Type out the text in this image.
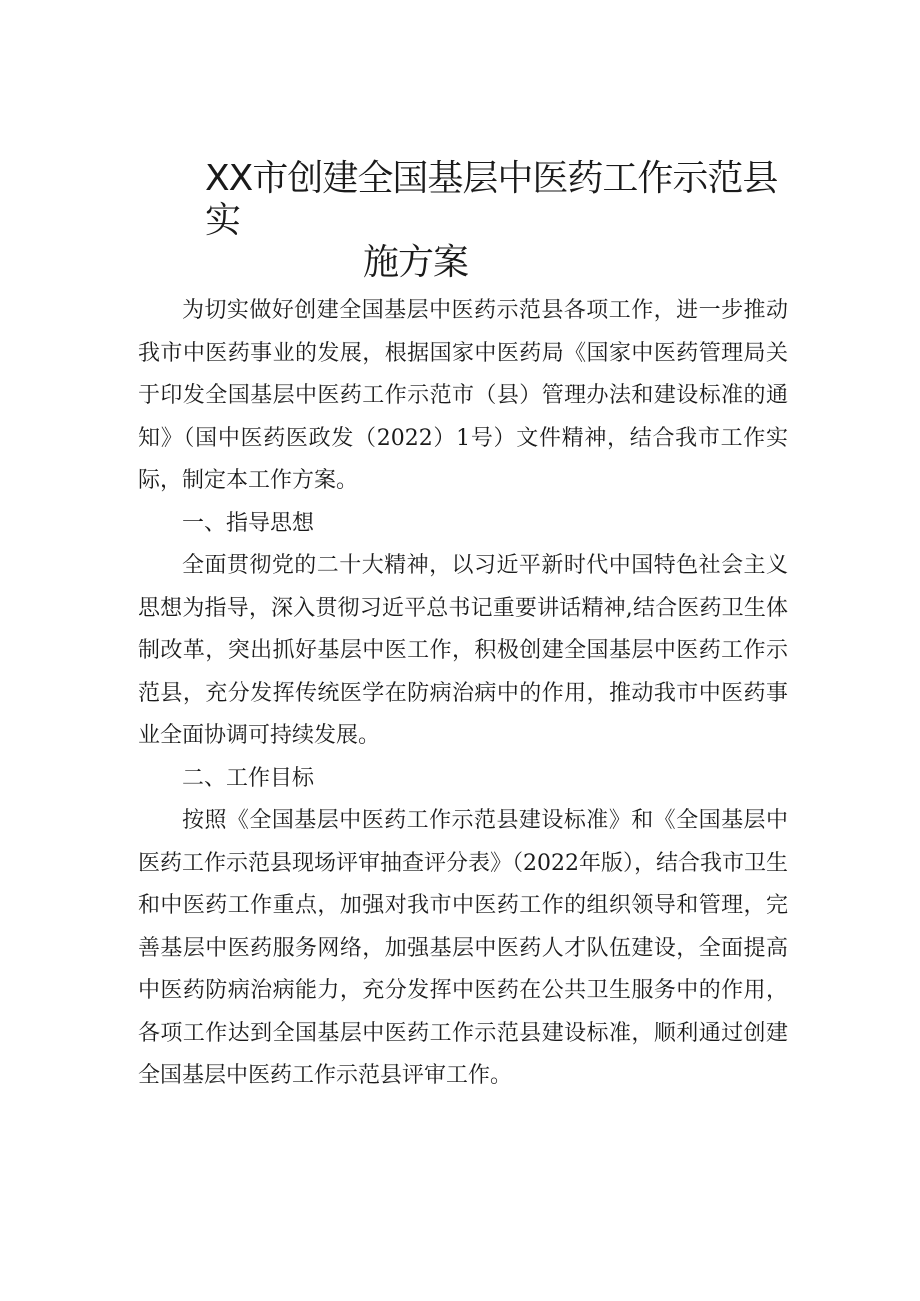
XX市创建全国基层中医药工作示范县实
施方案

为切实做好创建全国基层中医药示范县各项工作，进一步推动我市中医药事业的发展，根据国家中医药局《国家中医药管理局关于印发全国基层中医药工作示范市（县）管理办法和建设标准的通知》（国中医药医政发（2022）1号）文件精神，结合我市工作实际，制定本工作方案。

一、指导思想

全面贯彻党的二十大精神，以习近平新时代中国特色社会主义思想为指导，深入贯彻习近平总书记重要讲话精神,结合医药卫生体制改革，突出抓好基层中医工作，积极创建全国基层中医药工作示范县，充分发挥传统医学在防病治病中的作用，推动我市中医药事业全面协调可持续发展。

二、工作目标

按照《全国基层中医药工作示范县建设标准》和《全国基层中医药工作示范县现场评审抽查评分表》（2022年版），结合我市卫生和中医药工作重点，加强对我市中医药工作的组织领导和管理，完善基层中医药服务网络，加强基层中医药人才队伍建设，全面提高中医药防病治病能力，充分发挥中医药在公共卫生服务中的作用，各项工作达到全国基层中医药工作示范县建设标准，顺利通过创建全国基层中医药工作示范县评审工作。
